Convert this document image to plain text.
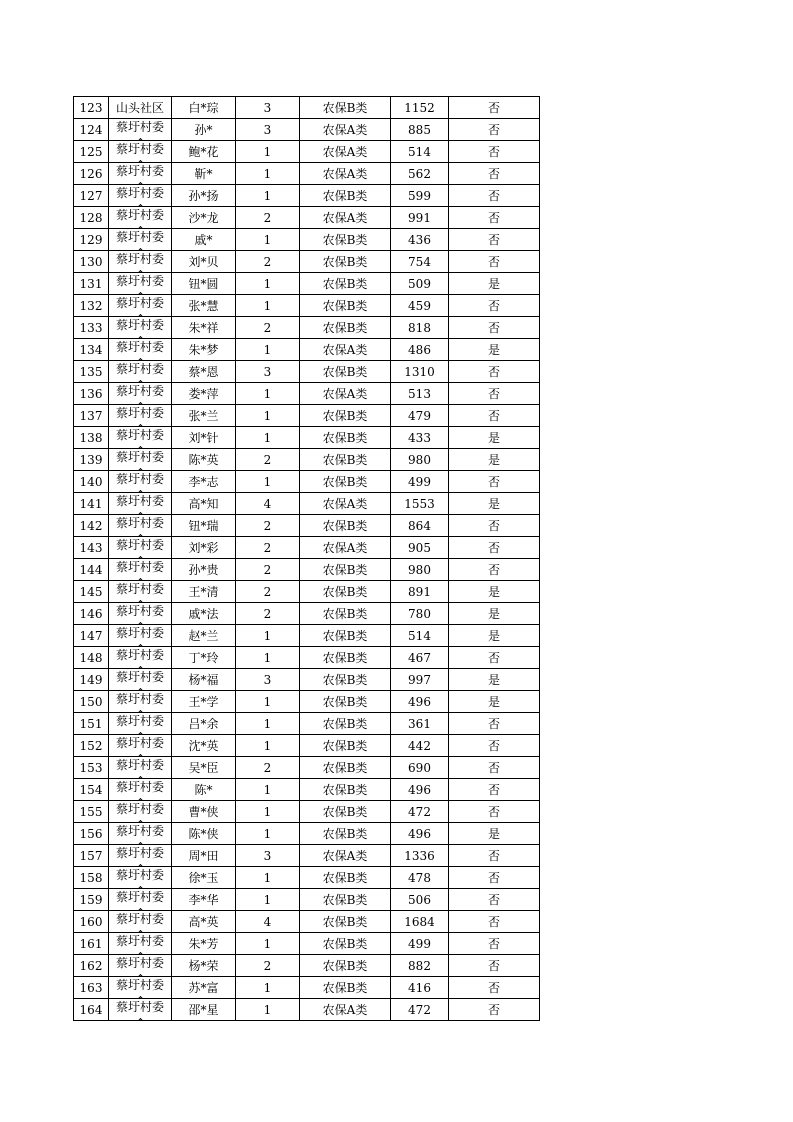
123	山头社区	白*琮	3	农保B类	1152	否
124	蔡圩村委	孙*	3	农保A类	885	否
125	蔡圩村委	鲍*花	1	农保A类	514	否
126	蔡圩村委	靳*	1	农保A类	562	否
127	蔡圩村委	孙*扬	1	农保B类	599	否
128	蔡圩村委	沙*龙	2	农保A类	991	否
129	蔡圩村委	戚*	1	农保B类	436	否
130	蔡圩村委	刘*贝	2	农保B类	754	否
131	蔡圩村委	钮*圆	1	农保B类	509	是
132	蔡圩村委	张*慧	1	农保B类	459	否
133	蔡圩村委	朱*祥	2	农保B类	818	否
134	蔡圩村委	朱*梦	1	农保A类	486	是
135	蔡圩村委	蔡*恩	3	农保B类	1310	否
136	蔡圩村委	娄*萍	1	农保A类	513	否
137	蔡圩村委	张*兰	1	农保B类	479	否
138	蔡圩村委	刘*针	1	农保B类	433	是
139	蔡圩村委	陈*英	2	农保B类	980	是
140	蔡圩村委	李*志	1	农保B类	499	否
141	蔡圩村委	高*知	4	农保A类	1553	是
142	蔡圩村委	钮*瑞	2	农保B类	864	否
143	蔡圩村委	刘*彩	2	农保A类	905	否
144	蔡圩村委	孙*贵	2	农保B类	980	否
145	蔡圩村委	王*清	2	农保B类	891	是
146	蔡圩村委	戚*法	2	农保B类	780	是
147	蔡圩村委	赵*兰	1	农保B类	514	是
148	蔡圩村委	丁*玲	1	农保B类	467	否
149	蔡圩村委	杨*福	3	农保B类	997	是
150	蔡圩村委	王*学	1	农保B类	496	是
151	蔡圩村委	吕*余	1	农保B类	361	否
152	蔡圩村委	沈*英	1	农保B类	442	否
153	蔡圩村委	吴*臣	2	农保B类	690	否
154	蔡圩村委	陈*	1	农保B类	496	否
155	蔡圩村委	曹*侠	1	农保B类	472	否
156	蔡圩村委	陈*侠	1	农保B类	496	是
157	蔡圩村委	周*田	3	农保A类	1336	否
158	蔡圩村委	徐*玉	1	农保B类	478	否
159	蔡圩村委	李*华	1	农保B类	506	否
160	蔡圩村委	高*英	4	农保B类	1684	否
161	蔡圩村委	朱*芳	1	农保B类	499	否
162	蔡圩村委	杨*荣	2	农保B类	882	否
163	蔡圩村委	苏*富	1	农保B类	416	否
164	蔡圩村委	邵*星	1	农保A类	472	否
